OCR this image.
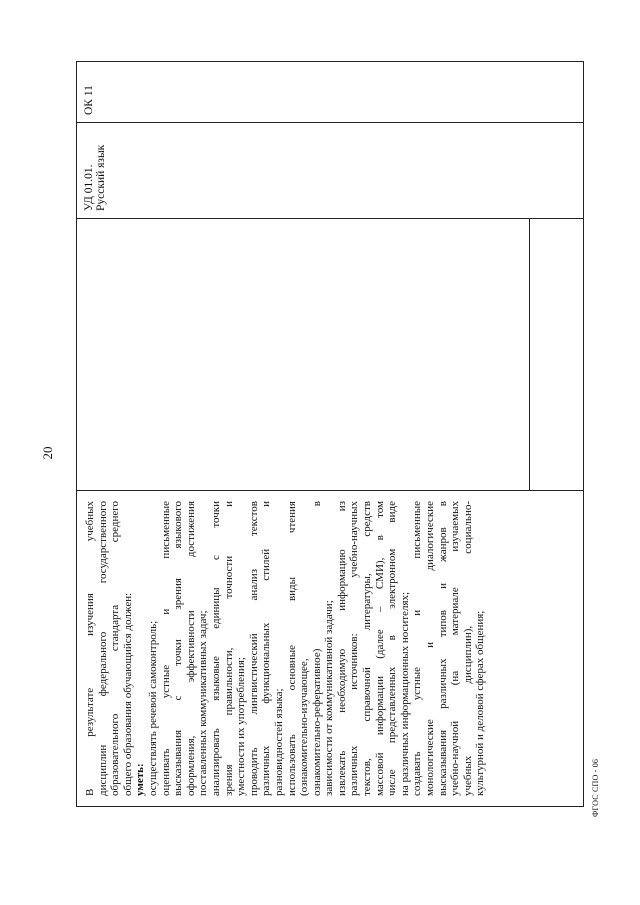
20
В результате изучения учебных дисциплин федерального государственного образовательного стандарта среднего общего образования обучающийся должен: уметь: осуществлять речевой самоконтроль; оценивать устные и письменные высказывания с точки зрения языкового оформления, эффективности достижения поставленных коммуникативных задач; анализировать языковые единицы с точки зрения правильности, точности и уместности их употребления; проводить лингвистический анализ текстов различных функциональных стилей и разновидностей языка; использовать основные виды чтения (ознакомительно-изучающее, ознакомительно-реферативное) в зависимости от коммуникативной задачи; извлекать необходимую информацию из различных источников: учебно-научных текстов, справочной литературы, средств массовой информации (далее – СМИ), в том числе представленных в электронном виде на различных информационных носителях; создавать устные и письменные монологические и диалогические высказывания различных типов и жанров в учебно-научной (на материале изучаемых учебных дисциплин), социально- культурной и деловой сферах общения;
УД 01.01. Русский язык
ОК 11
ФГОС СПО - 06
